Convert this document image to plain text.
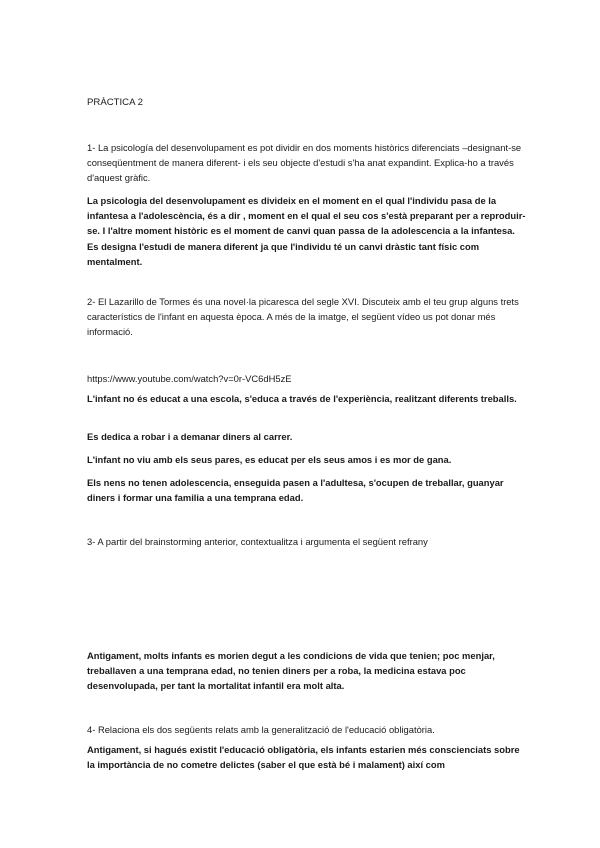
PRÀCTICA 2

1- La psicología del desenvolupament es pot dividir en dos moments històrics diferenciats –designant-se conseqüentment de manera diferent- i els seu objecte d'estudi s'ha anat expandint. Explica-ho a través d'aquest gràfic.

La psicologia del desenvolupament es divideix en el moment en el qual l'individu pasa de la infantesa a l'adolescència, és a dir , moment en el qual el seu cos s'està preparant per a reproduir-se. I l'altre moment històric es el moment de canvi quan passa de la adolescencia a la infantesa. Es designa l'estudi de manera diferent ja que l'individu té un canvi dràstic tant físic com mentalment.

2- El Lazarillo de Tormes és una novel·la picaresca del segle XVI. Discuteix amb el teu grup alguns trets característics de l'infant en aquesta època. A més de la imatge, el següent vídeo us pot donar més informació.

https://www.youtube.com/watch?v=0r-VC6dH5zE

L'infant no és educat a una escola, s'educa a través de l'experiència, realitzant diferents treballs.

Es dedica a robar i a demanar diners al carrer.

L'infant no viu amb els seus pares, es educat per els seus amos i es mor de gana.

Els nens no tenen adolescencia, enseguida pasen a l'adultesa, s'ocupen de treballar, guanyar diners i formar una familia a una temprana edad.

3- A partir del brainstorming anterior, contextualitza i argumenta el següent refrany

Antigament, molts infants es morien degut a les condicions de vida que tenien; poc menjar, treballaven a una temprana edad, no tenien diners per a roba, la medicina estava poc desenvolupada, per tant la mortalitat infantil era molt alta.

4- Relaciona els dos següents relats amb la generalització de l'educació obligatòria.

Antigament, si hagués existit l'educació obligatòria, els infants estarien més conscienciats sobre la importància de no cometre delictes (saber el que està bé i malament) així com
